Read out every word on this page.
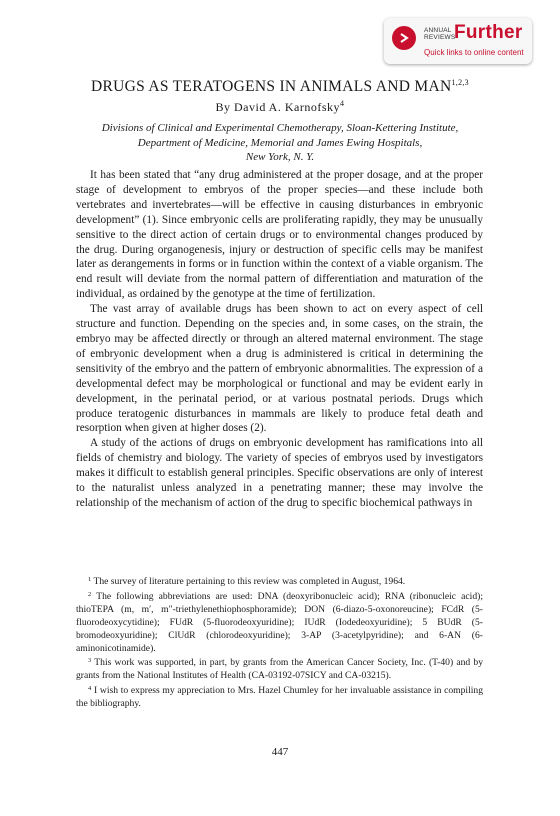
ANNUAL
REVIEWS
Further
Quick links to online content
DRUGS AS TERATOGENS IN ANIMALS AND MAN$^{1,2,3}$
By David A. Karnofsky$^4$
Divisions of Clinical and Experimental Chemotherapy, Sloan-Kettering Institute,
Department of Medicine, Memorial and James Ewing Hospitals,
New York, N. Y.

It has been stated that “any drug administered at the proper dosage, and at the proper stage of development to embryos of the proper species—and these include both vertebrates and invertebrates—will be effective in causing disturbances in embryonic development” (1). Since embryonic cells are proliferating rapidly, they may be unusually sensitive to the direct action of certain drugs or to environmental changes produced by the drug. During organogenesis, injury or destruction of specific cells may be manifest later as derangements in forms or in function within the context of a viable organism. The end result will deviate from the normal pattern of differentiation and maturation of the individual, as ordained by the genotype at the time of fertilization.

The vast array of available drugs has been shown to act on every aspect of cell structure and function. Depending on the species and, in some cases, on the strain, the embryo may be affected directly or through an altered maternal environment. The stage of embryonic development when a drug is administered is critical in determining the sensitivity of the embryo and the pattern of embryonic abnormalities. The expression of a developmental defect may be morphological or functional and may be evident early in development, in the perinatal period, or at various postnatal periods. Drugs which produce teratogenic disturbances in mammals are likely to produce fetal death and resorption when given at higher doses (2).

A study of the actions of drugs on embryonic development has ramifications into all fields of chemistry and biology. The variety of species of embryos used by investigators makes it difficult to establish general principles. Specific observations are only of interest to the naturalist unless analyzed in a penetrating manner; these may involve the relationship of the mechanism of action of the drug to specific biochemical pathways in

$^1$ The survey of literature pertaining to this review was completed in August, 1964.

$^2$ The following abbreviations are used: DNA (deoxyribonucleic acid); RNA (ribonucleic acid); thioTEPA (m, m′, m″-triethylenethiophosphoramide); DON (6-diazo-5-oxonoreucine); FCdR (5-fluorodeoxycytidine); FUdR (5-fluorodeoxyuridine); IUdR (Iodedeoxyuridine); 5 BUdR (5-bromodeoxyuridine); ClUdR (chlorodeoxyuridine); 3-AP (3-acetylpyridine); and 6-AN (6-aminonicotinamide).

$^3$ This work was supported, in part, by grants from the American Cancer Society, Inc. (T-40) and by grants from the National Institutes of Health (CA-03192-07SICY and CA-03215).

$^4$ I wish to express my appreciation to Mrs. Hazel Chumley for her invaluable assistance in compiling the bibliography.

447
